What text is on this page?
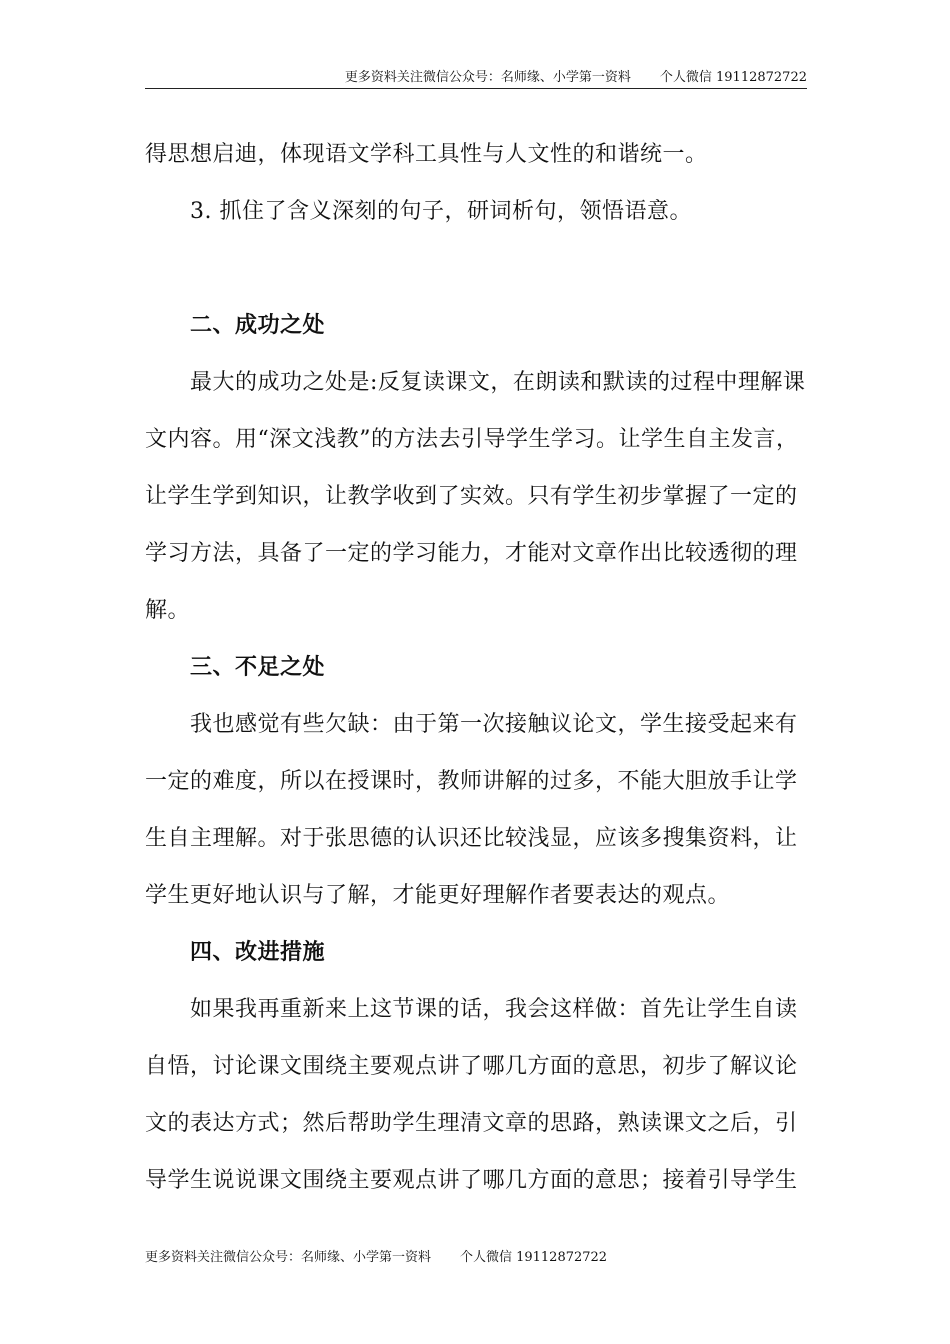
更多资料关注微信公众号：名师缘、小学第一资料 个人微信 19112872722

得思想启迪，体现语文学科工具性与人文性的和谐统一。

3. 抓住了含义深刻的句子，研词析句，领悟语意。

二、成功之处

最大的成功之处是:反复读课文，在朗读和默读的过程中理解课文内容。用“深文浅教”的方法去引导学生学习。让学生自主发言，让学生学到知识，让教学收到了实效。只有学生初步掌握了一定的学习方法，具备了一定的学习能力，才能对文章作出比较透彻的理解。

三、不足之处

我也感觉有些欠缺：由于第一次接触议论文，学生接受起来有一定的难度，所以在授课时，教师讲解的过多，不能大胆放手让学生自主理解。对于张思德的认识还比较浅显，应该多搜集资料，让学生更好地认识与了解，才能更好理解作者要表达的观点。

四、改进措施

如果我再重新来上这节课的话，我会这样做：首先让学生自读自悟，讨论课文围绕主要观点讲了哪几方面的意思，初步了解议论文的表达方式；然后帮助学生理清文章的思路，熟读课文之后，引导学生说说课文围绕主要观点讲了哪几方面的意思；接着引导学生

更多资料关注微信公众号：名师缘、小学第一资料 个人微信 19112872722
